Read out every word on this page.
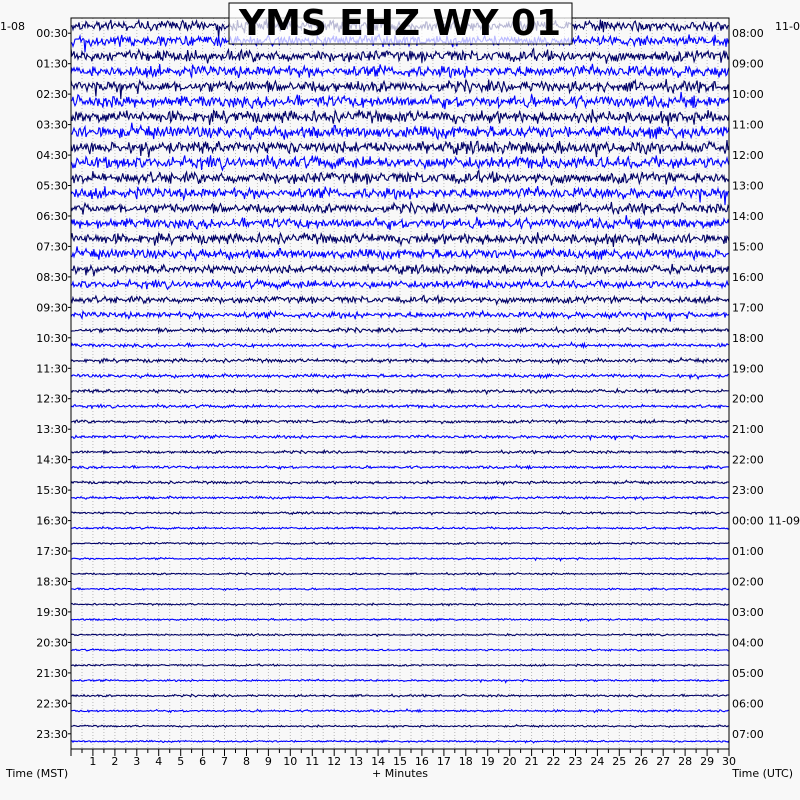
1 2 3 4 5 6 7 8 9 10 11 12 13 14 15 16 17 18 19 20 21 22 23 24 25 26 27 28 29 30
00:30
01:30
02:30
03:30
04:30
05:30
06:30
07:30
08:30
09:30
10:30
11:30
12:30
13:30
14:30
15:30
16:30
17:30
18:30
19:30
20:30
21:30
22:30
23:30
08:00
09:00
10:00
11:00
12:00
13:00
14:00
15:00
16:00
17:00
18:00
19:00
20:00
21:00
22:00
23:00
00:00 11-09
01:00
02:00
03:00
04:00
05:00
06:00
07:00
1-08	11-0
YMS EHZ WY 01
Time (MST)	+ Minutes	Time (UTC)
